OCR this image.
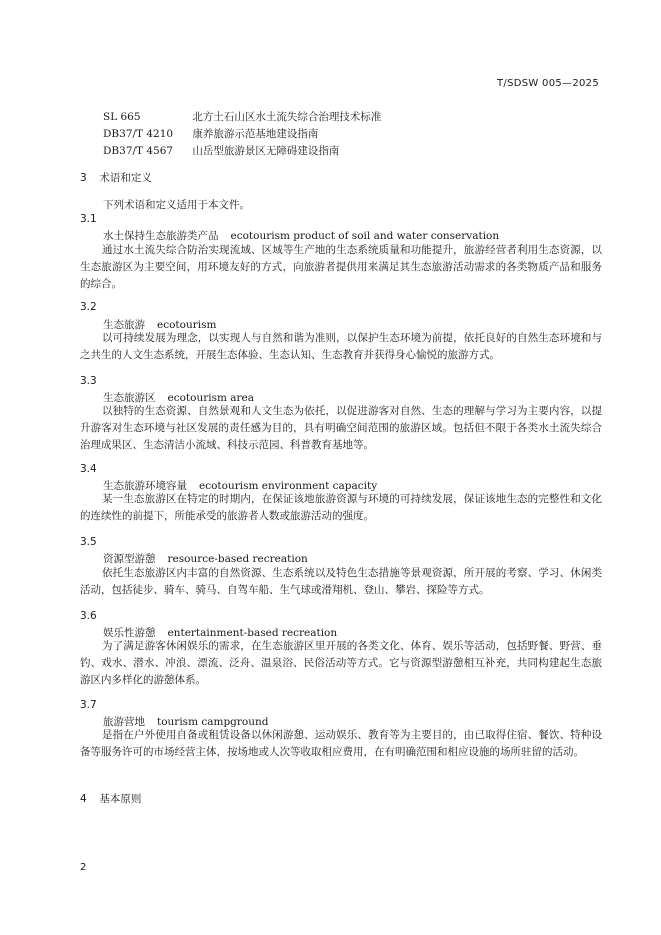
T/SDSW 005—2025
SL 665	北方土石山区水土流失综合治理技术标准
DB37/T 4210 康养旅游示范基地建设指南
DB37/T 4567 山岳型旅游景区无障碍建设指南
3 术语和定义
下列术语和定义适用于本文件。
3.1
水土保持生态旅游类产品 ecotourism product of soil and water conservation
通过水土流失综合防治实现流域、区域等生产地的生态系统质量和功能提升，旅游经营者利用生态资源，以生态旅游区为主要空间，用环境友好的方式，向旅游者提供用来满足其生态旅游活动需求的各类物质产品和服务的综合。
3.2
生态旅游 ecotourism
以可持续发展为理念，以实现人与自然和谐为准则，以保护生态环境为前提，依托良好的自然生态环境和与之共生的人文生态系统，开展生态体验、生态认知、生态教育并获得身心愉悦的旅游方式。
3.3
生态旅游区 ecotourism area
以独特的生态资源、自然景观和人文生态为依托，以促进游客对自然、生态的理解与学习为主要内容，以提升游客对生态环境与社区发展的责任感为目的，具有明确空间范围的旅游区域。包括但不限于各类水土流失综合治理成果区、生态清洁小流域、科技示范园、科普教育基地等。
3.4
生态旅游环境容量 ecotourism environment capacity
某一生态旅游区在特定的时期内，在保证该地旅游资源与环境的可持续发展，保证该地生态的完整性和文化的连续性的前提下，所能承受的旅游者人数或旅游活动的强度。
3.5
资源型游憩 resource-based recreation
依托生态旅游区内丰富的自然资源、生态系统以及特色生态措施等景观资源，所开展的考察、学习、休闲类活动，包括徒步、骑车、骑马、自驾车船、生气球或滑翔机、登山、攀岩、探险等方式。
3.6
娱乐性游憩 entertainment-based recreation
为了满足游客休闲娱乐的需求，在生态旅游区里开展的各类文化、体育、娱乐等活动，包括野餐、野营、垂钓、戏水、潜水、冲浪、漂流、泛舟、温泉浴、民俗活动等方式。它与资源型游憩相互补充，共同构建起生态旅游区内多样化的游憩体系。
3.7
旅游营地 tourism campground
是指在户外使用自备或租赁设备以休闲游憩、运动娱乐、教育等为主要目的，由已取得住宿、餐饮、特种设备等服务许可的市场经营主体，按场地或人次等收取相应费用，在有明确范围和相应设施的场所驻留的活动。
4 基本原则
2
